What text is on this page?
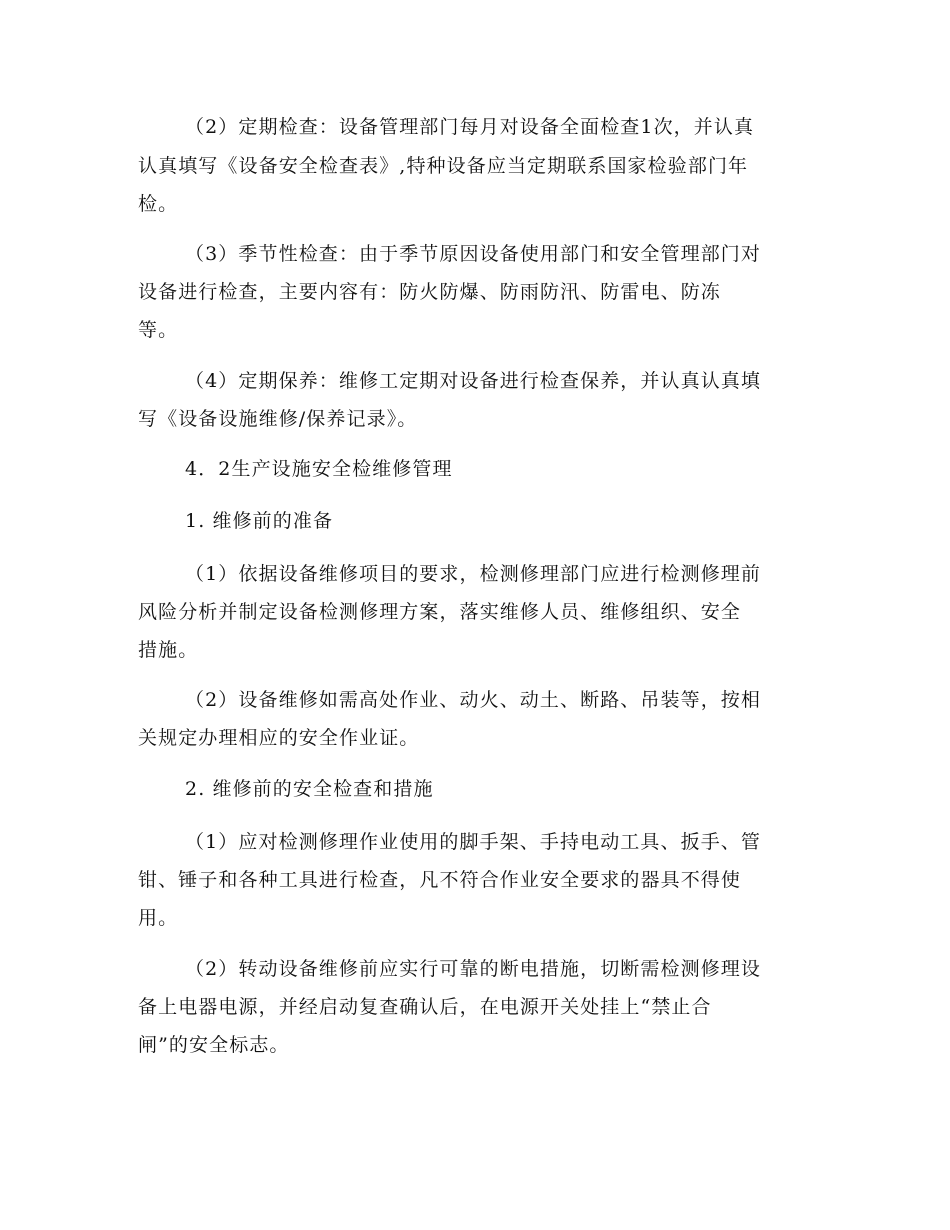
（2）定期检查：设备管理部门每月对设备全面检查1次，并认真
认真填写《设备安全检查表》,特种设备应当定期联系国家检验部门年
检。
（3）季节性检查：由于季节原因设备使用部门和安全管理部门对
设备进行检查，主要内容有：防火防爆、防雨防汛、防雷电、防冻
等。
（4）定期保养：维修工定期对设备进行检查保养，并认真认真填
写《设备设施维修/保养记录》。
4．2生产设施安全检维修管理
1. 维修前的准备
（1）依据设备维修项目的要求，检测修理部门应进行检测修理前
风险分析并制定设备检测修理方案，落实维修人员、维修组织、安全
措施。
（2）设备维修如需高处作业、动火、动土、断路、吊装等，按相
关规定办理相应的安全作业证。
2. 维修前的安全检查和措施
（1）应对检测修理作业使用的脚手架、手持电动工具、扳手、管
钳、锤子和各种工具进行检查，凡不符合作业安全要求的器具不得使
用。
（2）转动设备维修前应实行可靠的断电措施，切断需检测修理设
备上电器电源，并经启动复查确认后，在电源开关处挂上“禁止合
闸”的安全标志。
